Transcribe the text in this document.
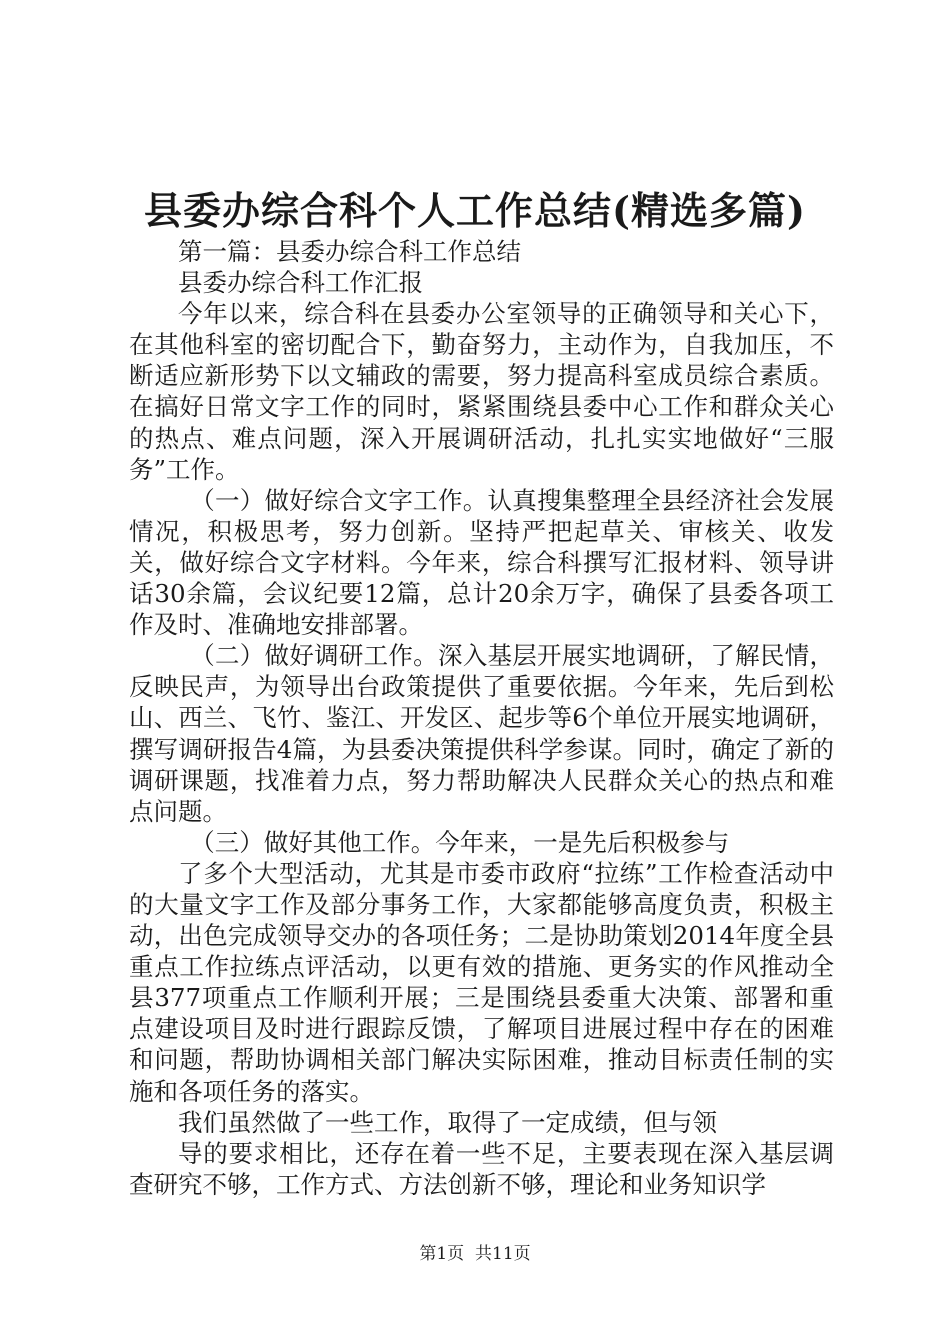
县委办综合科个人工作总结(精选多篇)

第一篇：县委办综合科工作总结

县委办综合科工作汇报

今年以来，综合科在县委办公室领导的正确领导和关心下，在其他科室的密切配合下，勤奋努力，主动作为，自我加压，不断适应新形势下以文辅政的需要，努力提高科室成员综合素质。在搞好日常文字工作的同时，紧紧围绕县委中心工作和群众关心的热点、难点问题，深入开展调研活动，扎扎实实地做好“三服务”工作。

（一）做好综合文字工作。认真搜集整理全县经济社会发展情况，积极思考，努力创新。坚持严把起草关、审核关、收发关，做好综合文字材料。今年来，综合科撰写汇报材料、领导讲话30余篇，会议纪要12篇，总计20余万字，确保了县委各项工作及时、准确地安排部署。

（二）做好调研工作。深入基层开展实地调研，了解民情，反映民声，为领导出台政策提供了重要依据。今年来，先后到松山、西兰、飞竹、鉴江、开发区、起步等6个单位开展实地调研，撰写调研报告4篇，为县委决策提供科学参谋。同时，确定了新的调研课题，找准着力点，努力帮助解决人民群众关心的热点和难点问题。

（三）做好其他工作。今年来，一是先后积极参与

了多个大型活动，尤其是市委市政府“拉练”工作检查活动中的大量文字工作及部分事务工作，大家都能够高度负责，积极主动，出色完成领导交办的各项任务；二是协助策划2014年度全县重点工作拉练点评活动，以更有效的措施、更务实的作风推动全县377项重点工作顺利开展；三是围绕县委重大决策、部署和重点建设项目及时进行跟踪反馈，了解项目进展过程中存在的困难和问题，帮助协调相关部门解决实际困难，推动目标责任制的实施和各项任务的落实。

我们虽然做了一些工作，取得了一定成绩，但与领

导的要求相比，还存在着一些不足，主要表现在深入基层调查研究不够，工作方式、方法创新不够，理论和业务知识学

第1页 共11页
